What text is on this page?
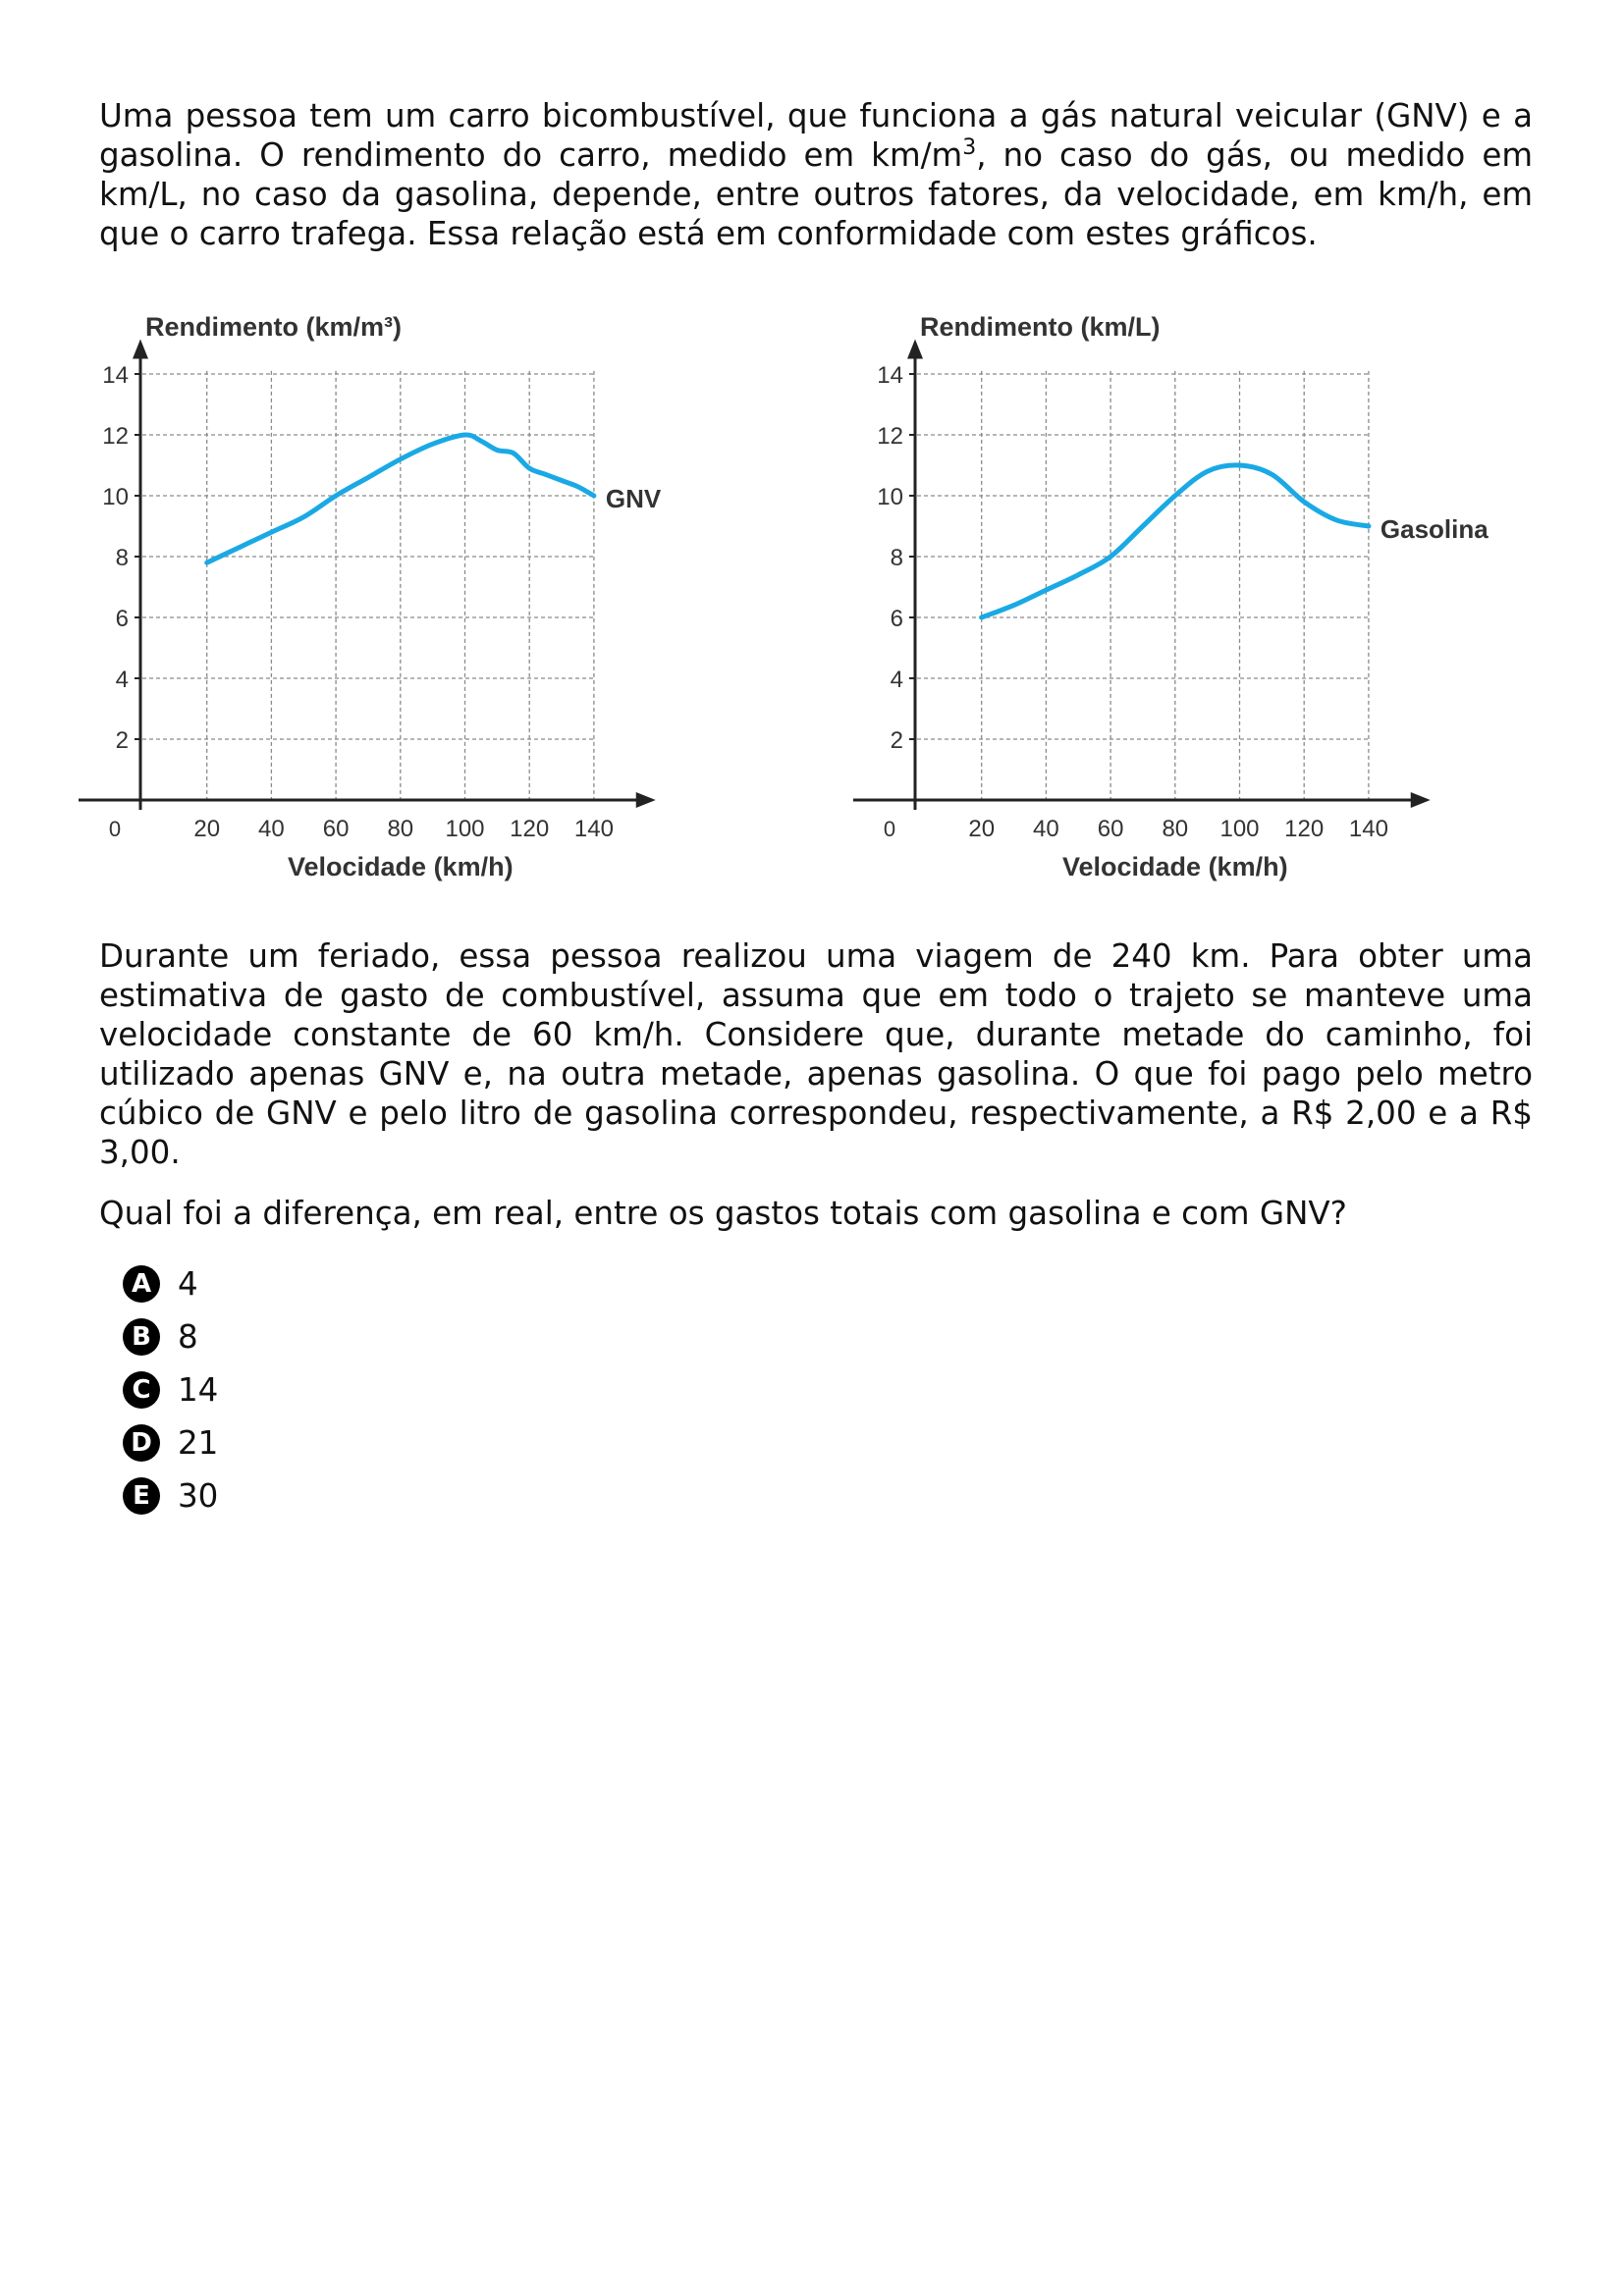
Uma pessoa tem um carro bicombustível, que funciona a gás natural veicular (GNV) e a gasolina. O rendimento do carro, medido em $km/m^3$, no caso do gás, ou medido em km/L, no caso da gasolina, depende, entre outros fatores, da velocidade, em km/h, em que o carro trafega. Essa relação está em conformidade com estes gráficos.

2
4
6
8
10
12
14
0	20 40 60 80 100 120 140
Rendimento (km/m³)
Velocidade (km/h)
GNV
2
4
6
8
10
12
14
0	20 40 60 80 100 120 140
Rendimento (km/L)
Velocidade (km/h)
Gasolina

Durante um feriado, essa pessoa realizou uma viagem de 240 km. Para obter uma estimativa de gasto de combustível, assuma que em todo o trajeto se manteve uma velocidade constante de 60 km/h. Considere que, durante metade do caminho, foi utilizado apenas GNV e, na outra metade, apenas gasolina. O que foi pago pelo metro cúbico de GNV e pelo litro de gasolina correspondeu, respectivamente, a R$ 2,00 e a R$ 3,00.

Qual foi a diferença, em real, entre os gastos totais com gasolina e com GNV?

A 4
B 8
C 14
D 21
E 30
